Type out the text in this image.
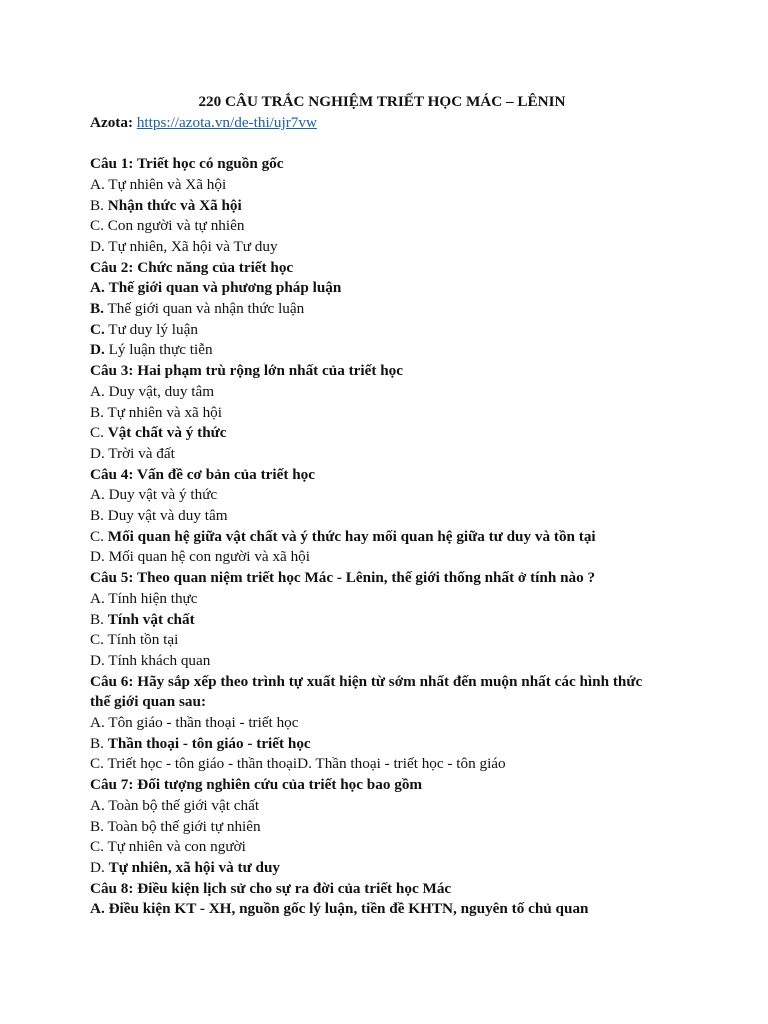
220 CÂU TRẮC NGHIỆM TRIẾT HỌC MÁC – LÊNIN
Azota: https://azota.vn/de-thi/ujr7vw
Câu 1: Triết học có nguồn gốc
A. Tự nhiên và Xã hội
B. Nhận thức và Xã hội
C. Con người và tự nhiên
D. Tự nhiên, Xã hội và Tư duy
Câu 2: Chức năng của triết học
A. Thế giới quan và phương pháp luận
B. Thế giới quan và nhận thức luận
C. Tư duy lý luận
D. Lý luận thực tiễn
Câu 3: Hai phạm trù rộng lớn nhất của triết học
A. Duy vật, duy tâm
B. Tự nhiên và xã hội
C. Vật chất và ý thức
D. Trời và đất
Câu 4: Vấn đề cơ bản của triết học
A. Duy vật và ý thức
B. Duy vật và duy tâm
C. Mối quan hệ giữa vật chất và ý thức hay mối quan hệ giữa tư duy và tồn tại
D. Mối quan hệ con người và xã hội
Câu 5: Theo quan niệm triết học Mác - Lênin, thế giới thống nhất ở tính nào ?
A. Tính hiện thực
B. Tính vật chất
C. Tính tồn tại
D. Tính khách quan
Câu 6: Hãy sắp xếp theo trình tự xuất hiện từ sớm nhất đến muộn nhất các hình thức thế giới quan sau:
A. Tôn giáo - thần thoại - triết học
B. Thần thoại - tôn giáo - triết học
C. Triết học - tôn giáo - thần thoạiD. Thần thoại - triết học - tôn giáo
Câu 7: Đối tượng nghiên cứu của triết học bao gồm
A. Toàn bộ thế giới vật chất
B. Toàn bộ thế giới tự nhiên
C. Tự nhiên và con người
D. Tự nhiên, xã hội và tư duy
Câu 8: Điều kiện lịch sử cho sự ra đời của triết học Mác
A. Điều kiện KT - XH, nguồn gốc lý luận, tiền đề KHTN, nguyên tố chủ quan
